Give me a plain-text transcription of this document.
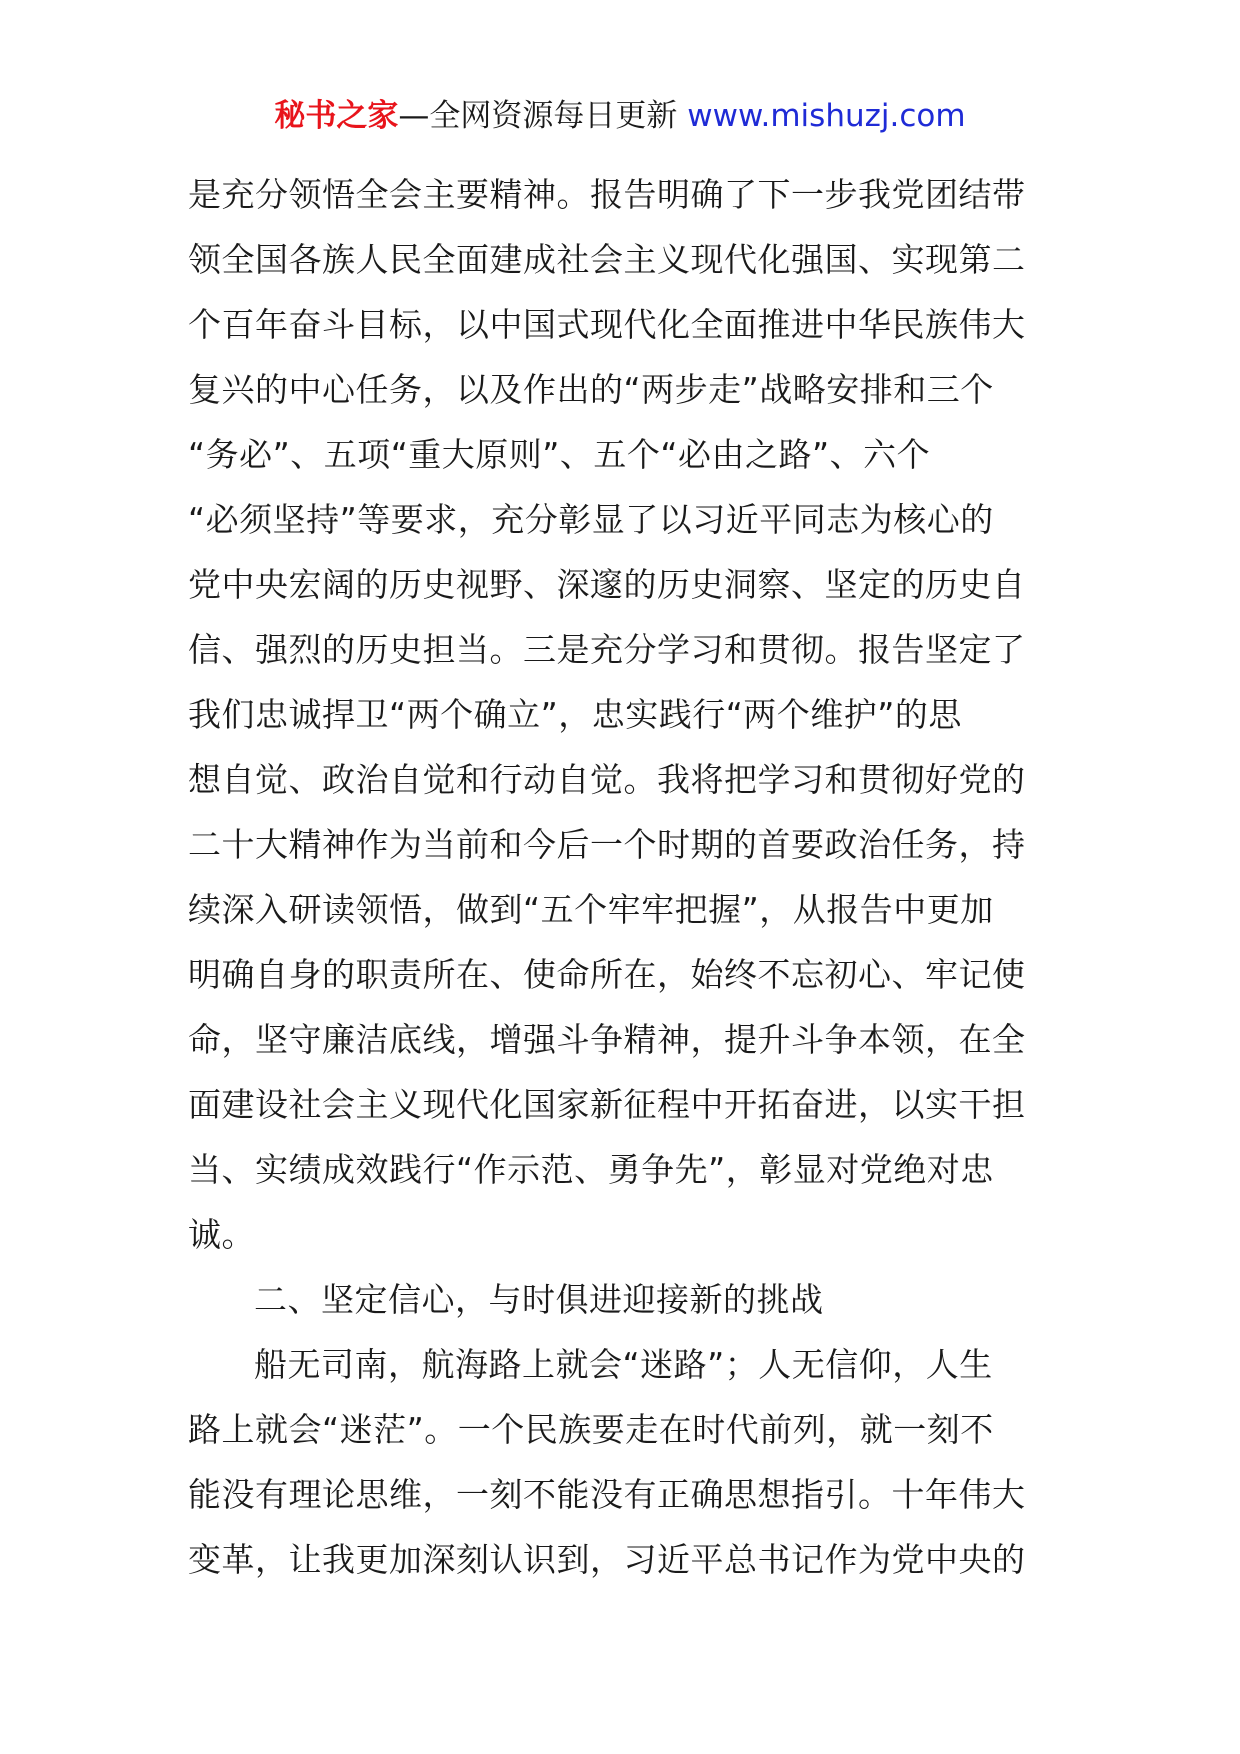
秘书之家—全网资源每日更新 www.mishuzj.com
是充分领悟全会主要精神。报告明确了下一步我党团结带
领全国各族人民全面建成社会主义现代化强国、实现第二
个百年奋斗目标，以中国式现代化全面推进中华民族伟大
复兴的中心任务，以及作出的“两步走”战略安排和三个
“务必”、五项“重大原则”、五个“必由之路”、六个
“必须坚持”等要求，充分彰显了以习近平同志为核心的
党中央宏阔的历史视野、深邃的历史洞察、坚定的历史自
信、强烈的历史担当。三是充分学习和贯彻。报告坚定了
我们忠诚捍卫“两个确立”，忠实践行“两个维护”的思
想自觉、政治自觉和行动自觉。我将把学习和贯彻好党的
二十大精神作为当前和今后一个时期的首要政治任务，持
续深入研读领悟，做到“五个牢牢把握”，从报告中更加
明确自身的职责所在、使命所在，始终不忘初心、牢记使
命，坚守廉洁底线，增强斗争精神，提升斗争本领，在全
面建设社会主义现代化国家新征程中开拓奋进，以实干担
当、实绩成效践行“作示范、勇争先”，彰显对党绝对忠
诚。
二、坚定信心，与时俱进迎接新的挑战
船无司南，航海路上就会“迷路”；人无信仰，人生
路上就会“迷茫”。一个民族要走在时代前列，就一刻不
能没有理论思维，一刻不能没有正确思想指引。十年伟大
变革，让我更加深刻认识到，习近平总书记作为党中央的
